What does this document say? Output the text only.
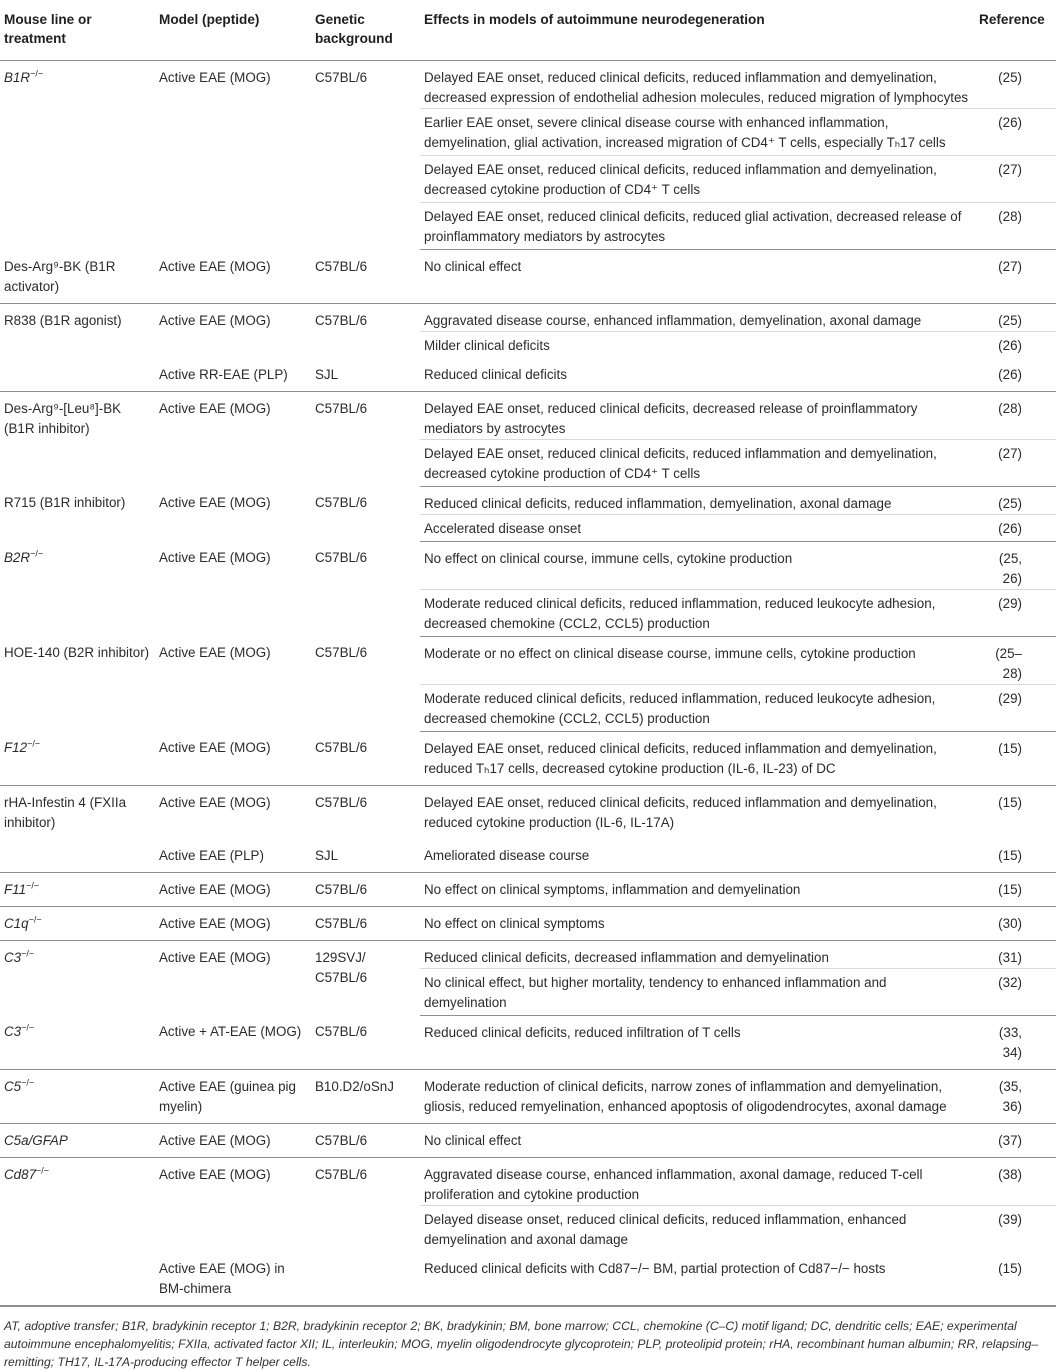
Mouse line or treatment	Model (peptide)	Genetic background	Effects in models of autoimmune neurodegeneration	Reference
B1R−/−	Active EAE (MOG)	C57BL/6	Delayed EAE onset, reduced clinical deficits, reduced inflammation and demyelination, decreased expression of endothelial adhesion molecules, reduced migration of lymphocytes	(25)
			Earlier EAE onset, severe clinical disease course with enhanced inflammation, demyelination, glial activation, increased migration of CD4⁺ T cells, especially Tₕ17 cells	(26)
			Delayed EAE onset, reduced clinical deficits, reduced inflammation and demyelination, decreased cytokine production of CD4⁺ T cells	(27)
			Delayed EAE onset, reduced clinical deficits, reduced glial activation, decreased release of proinflammatory mediators by astrocytes	(28)
Des-Arg⁹-BK (B1R activator)	Active EAE (MOG)	C57BL/6	No clinical effect	(27)
R838 (B1R agonist)	Active EAE (MOG)	C57BL/6	Aggravated disease course, enhanced inflammation, demyelination, axonal damage	(25)
			Milder clinical deficits	(26)
	Active RR-EAE (PLP)	SJL	Reduced clinical deficits	(26)
Des-Arg⁹-[Leu⁸]-BK (B1R inhibitor)	Active EAE (MOG)	C57BL/6	Delayed EAE onset, reduced clinical deficits, decreased release of proinflammatory mediators by astrocytes	(28)
			Delayed EAE onset, reduced clinical deficits, reduced inflammation and demyelination, decreased cytokine production of CD4⁺ T cells	(27)
R715 (B1R inhibitor)	Active EAE (MOG)	C57BL/6	Reduced clinical deficits, reduced inflammation, demyelination, axonal damage	(25)
			Accelerated disease onset	(26)
B2R−/−	Active EAE (MOG)	C57BL/6	No effect on clinical course, immune cells, cytokine production	(25, 26)
			Moderate reduced clinical deficits, reduced inflammation, reduced leukocyte adhesion, decreased chemokine (CCL2, CCL5) production	(29)
HOE-140 (B2R inhibitor)	Active EAE (MOG)	C57BL/6	Moderate or no effect on clinical disease course, immune cells, cytokine production	(25–28)
			Moderate reduced clinical deficits, reduced inflammation, reduced leukocyte adhesion, decreased chemokine (CCL2, CCL5) production	(29)
F12−/−	Active EAE (MOG)	C57BL/6	Delayed EAE onset, reduced clinical deficits, reduced inflammation and demyelination, reduced Tₕ17 cells, decreased cytokine production (IL-6, IL-23) of DC	(15)
rHA-Infestin 4 (FXIIa inhibitor)	Active EAE (MOG)	C57BL/6	Delayed EAE onset, reduced clinical deficits, reduced inflammation and demyelination, reduced cytokine production (IL-6, IL-17A)	(15)
	Active EAE (PLP)	SJL	Ameliorated disease course	(15)
F11−/−	Active EAE (MOG)	C57BL/6	No effect on clinical symptoms, inflammation and demyelination	(15)
C1q−/−	Active EAE (MOG)	C57BL/6	No effect on clinical symptoms	(30)
C3−/−	Active EAE (MOG)	129SVJ/ C57BL/6	Reduced clinical deficits, decreased inflammation and demyelination	(31)
			No clinical effect, but higher mortality, tendency to enhanced inflammation and demyelination	(32)
C3−/−	Active + AT-EAE (MOG)	C57BL/6	Reduced clinical deficits, reduced infiltration of T cells	(33, 34)
C5−/−	Active EAE (guinea pig myelin)	B10.D2/oSnJ	Moderate reduction of clinical deficits, narrow zones of inflammation and demyelination, gliosis, reduced remyelination, enhanced apoptosis of oligodendrocytes, axonal damage	(35, 36)
C5a/GFAP	Active EAE (MOG)	C57BL/6	No clinical effect	(37)
Cd87−/−	Active EAE (MOG)	C57BL/6	Aggravated disease course, enhanced inflammation, axonal damage, reduced T-cell proliferation and cytokine production	(38)
			Delayed disease onset, reduced clinical deficits, reduced inflammation, enhanced demyelination and axonal damage	(39)
	Active EAE (MOG) in BM-chimera		Reduced clinical deficits with Cd87−/− BM, partial protection of Cd87−/− hosts	(15)
AT, adoptive transfer; B1R, bradykinin receptor 1; B2R, bradykinin receptor 2; BK, bradykinin; BM, bone marrow; CCL, chemokine (C–C) motif ligand; DC, dendritic cells; EAE; experimental autoimmune encephalomyelitis; FXIIa, activated factor XII; IL, interleukin; MOG, myelin oligodendrocyte glycoprotein; PLP, proteolipid protein; rHA, recombinant human albumin; RR, relapsing–remitting; TH17, IL-17A-producing effector T helper cells.
